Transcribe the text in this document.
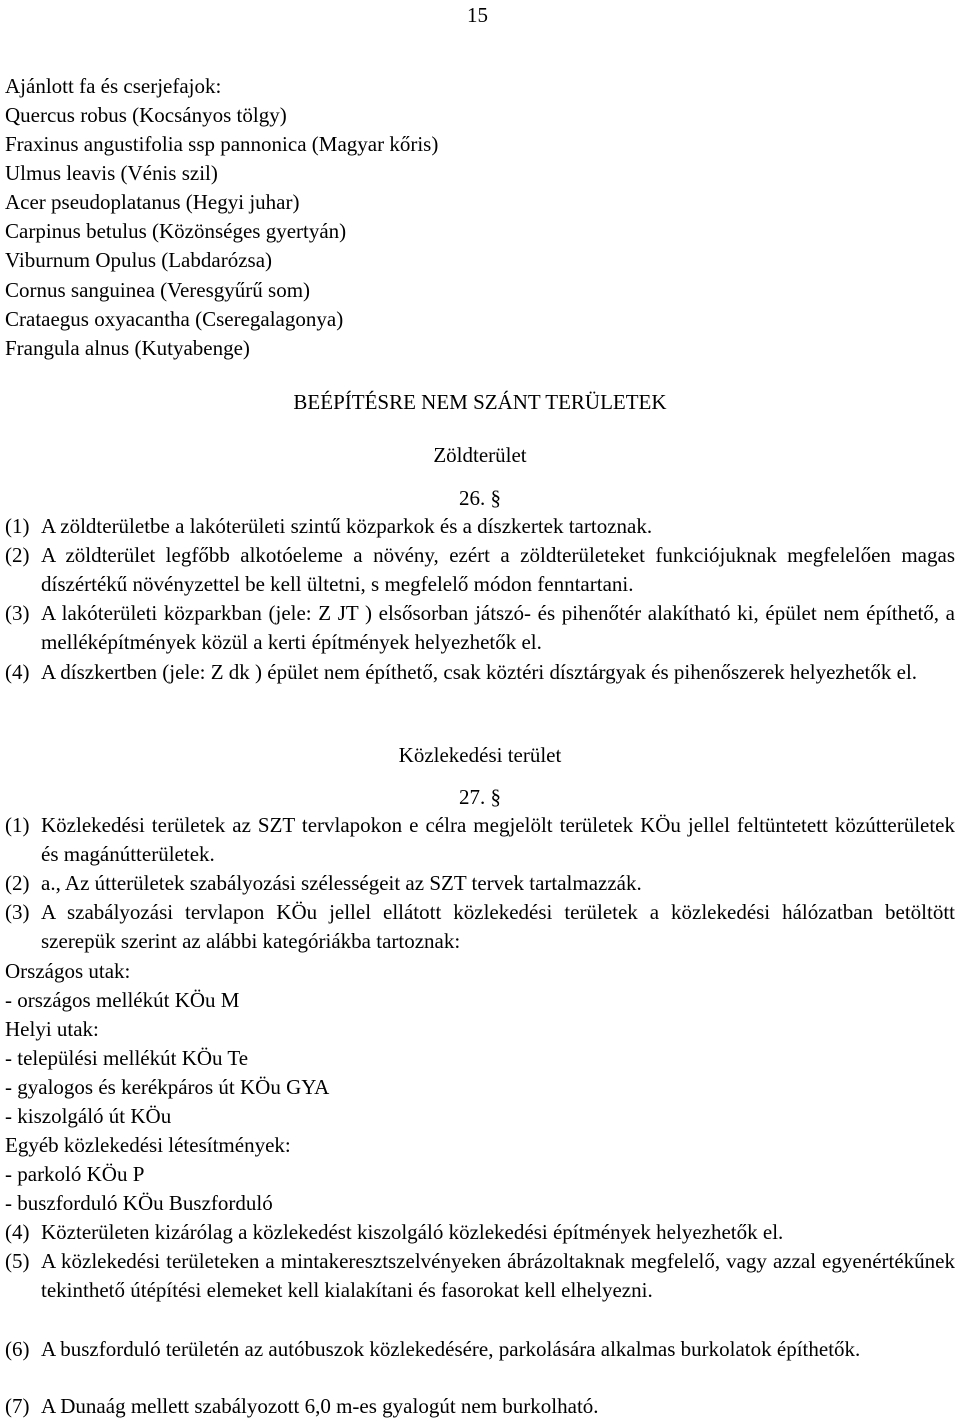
15
Ajánlott fa és cserjefajok:
Quercus robus (Kocsányos tölgy)
Fraxinus angustifolia ssp pannonica (Magyar kőris)
Ulmus leavis (Vénis szil)
Acer pseudoplatanus (Hegyi juhar)
Carpinus betulus (Közönséges gyertyán)
Viburnum Opulus (Labdarózsa)
Cornus sanguinea (Veresgyűrű som)
Crataegus oxyacantha (Cseregalagonya)
Frangula alnus (Kutyabenge)
BEÉPÍTÉSRE NEM SZÁNT TERÜLETEK
Zöldterület
26. §
(1) A zöldterületbe a lakóterületi szintű közparkok és a díszkertek tartoznak.
(2) A zöldterület legfőbb alkotóeleme a növény, ezért a zöldterületeket funkciójuknak megfelelően magas díszértékű növényzettel be kell ültetni, s megfelelő módon fenntartani.
(3) A lakóterületi közparkban (jele: Z JT ) elsősorban játszó- és pihenőtér alakítható ki, épület nem építhető, a melléképítmények közül a kerti építmények helyezhetők el.
(4) A díszkertben (jele: Z dk ) épület nem építhető, csak köztéri dísztárgyak és pihenőszerek helyezhetők el.
Közlekedési terület
27. §
(1) Közlekedési területek az SZT tervlapokon e célra megjelölt területek KÖu jellel feltüntetett közútterületek és magánútterületek.
(2) a., Az útterületek szabályozási szélességeit az SZT tervek tartalmazzák.
(3) A szabályozási tervlapon KÖu jellel ellátott közlekedési területek a közlekedési hálózatban betöltött szerepük szerint az alábbi kategóriákba tartoznak:
Országos utak:
- országos mellékút KÖu M
Helyi utak:
- települési mellékút KÖu Te
- gyalogos és kerékpáros út KÖu GYA
- kiszolgáló út KÖu
Egyéb közlekedési létesítmények:
- parkoló KÖu P
- buszforduló KÖu Buszforduló
(4) Közterületen kizárólag a közlekedést kiszolgáló közlekedési építmények helyezhetők el.
(5) A közlekedési területeken a mintakeresztszelvényeken ábrázoltaknak megfelelő, vagy azzal egyenértékűnek tekinthető útépítési elemeket kell kialakítani és fasorokat kell elhelyezni.
(6) A buszforduló területén az autóbuszok közlekedésére, parkolására alkalmas burkolatok építhetők.
(7) A Dunaág mellett szabályozott 6,0 m-es gyalogút nem burkolható.
